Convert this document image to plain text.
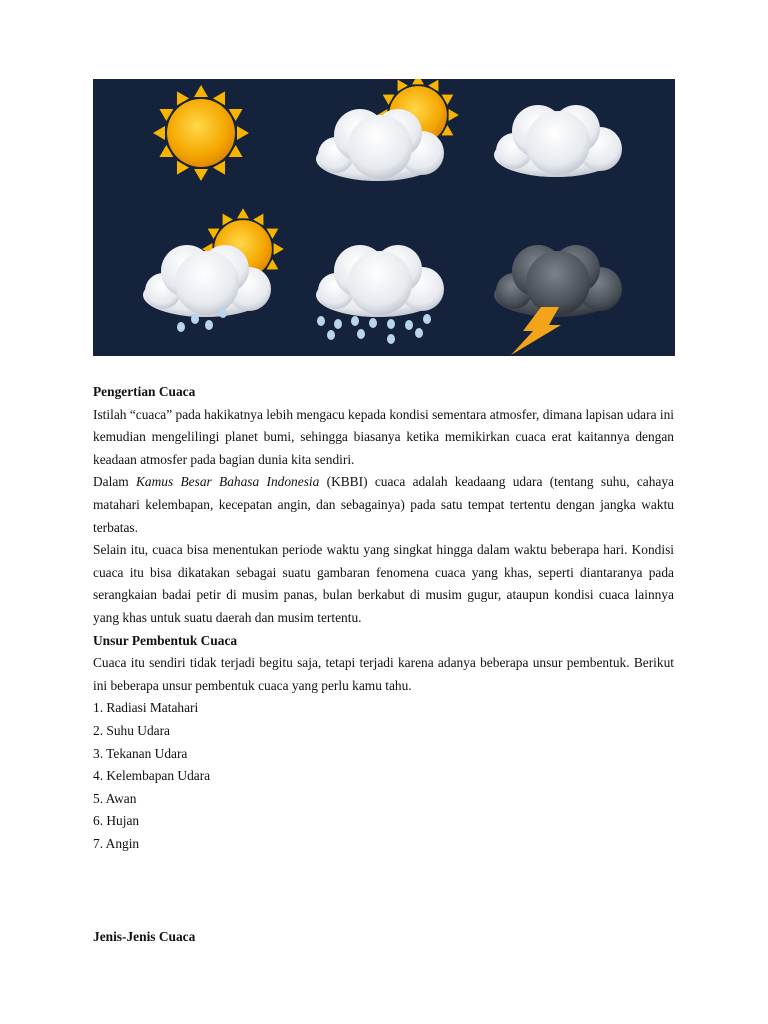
Pengertian Cuaca

Istilah “cuaca” pada hakikatnya lebih mengacu kepada kondisi sementara atmosfer, dimana lapisan udara ini kemudian mengelilingi planet bumi, sehingga biasanya ketika memikirkan cuaca erat kaitannya dengan keadaan atmosfer pada bagian dunia kita sendiri.

Dalam Kamus Besar Bahasa Indonesia (KBBI) cuaca adalah keadaang udara (tentang suhu, cahaya matahari kelembapan, kecepatan angin, dan sebagainya) pada satu tempat tertentu dengan jangka waktu terbatas.

Selain itu, cuaca bisa menentukan periode waktu yang singkat hingga dalam waktu beberapa hari. Kondisi cuaca itu bisa dikatakan sebagai suatu gambaran fenomena cuaca yang khas, seperti diantaranya pada serangkaian badai petir di musim panas, bulan berkabut di musim gugur, ataupun kondisi cuaca lainnya yang khas untuk suatu daerah dan musim tertentu.

Unsur Pembentuk Cuaca

Cuaca itu sendiri tidak terjadi begitu saja, tetapi terjadi karena adanya beberapa unsur pembentuk. Berikut ini beberapa unsur pembentuk cuaca yang perlu kamu tahu.

1. Radiasi Matahari
2. Suhu Udara
3. Tekanan Udara
4. Kelembapan Udara
5. Awan
6. Hujan
7. Angin
Jenis-Jenis Cuaca
